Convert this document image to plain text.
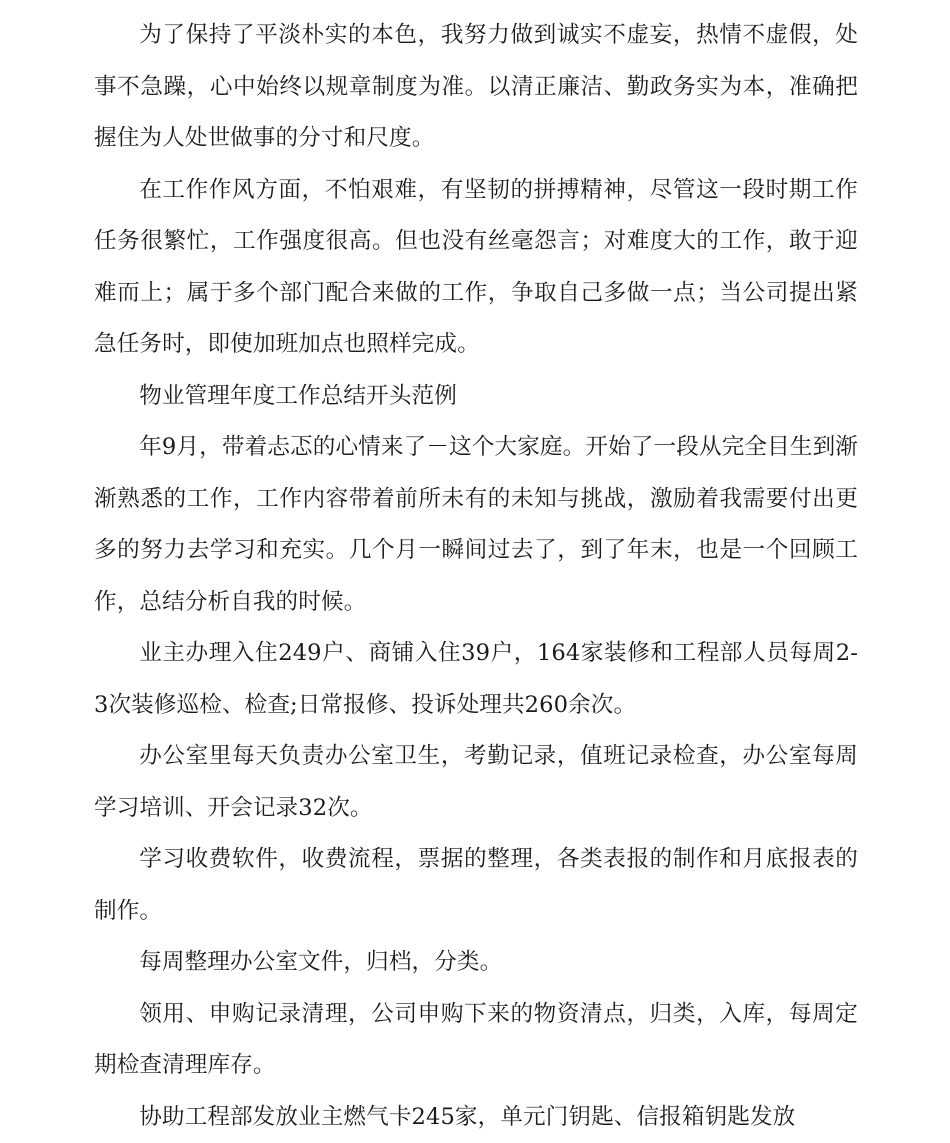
为了保持了平淡朴实的本色，我努力做到诚实不虚妄，热情不虚假，处事不急躁，心中始终以规章制度为准。以清正廉洁、勤政务实为本，准确把握住为人处世做事的分寸和尺度。

在工作作风方面，不怕艰难，有坚韧的拼搏精神，尽管这一段时期工作任务很繁忙，工作强度很高。但也没有丝毫怨言；对难度大的工作，敢于迎难而上；属于多个部门配合来做的工作，争取自己多做一点；当公司提出紧急任务时，即使加班加点也照样完成。

物业管理年度工作总结开头范例

年9月，带着忐忑的心情来了－这个大家庭。开始了一段从完全目生到渐渐熟悉的工作，工作内容带着前所未有的未知与挑战，激励着我需要付出更多的努力去学习和充实。几个月一瞬间过去了，到了年末，也是一个回顾工作，总结分析自我的时候。

业主办理入住249户、商铺入住39户，164家装修和工程部人员每周2-3次装修巡检、检查;日常报修、投诉处理共260余次。

办公室里每天负责办公室卫生，考勤记录，值班记录检查，办公室每周学习培训、开会记录32次。

学习收费软件，收费流程，票据的整理，各类表报的制作和月底报表的制作。

每周整理办公室文件，归档，分类。

领用、申购记录清理，公司申购下来的物资清点，归类，入库，每周定期检查清理库存。

协助工程部发放业主燃气卡245家，单元门钥匙、信报箱钥匙发放
